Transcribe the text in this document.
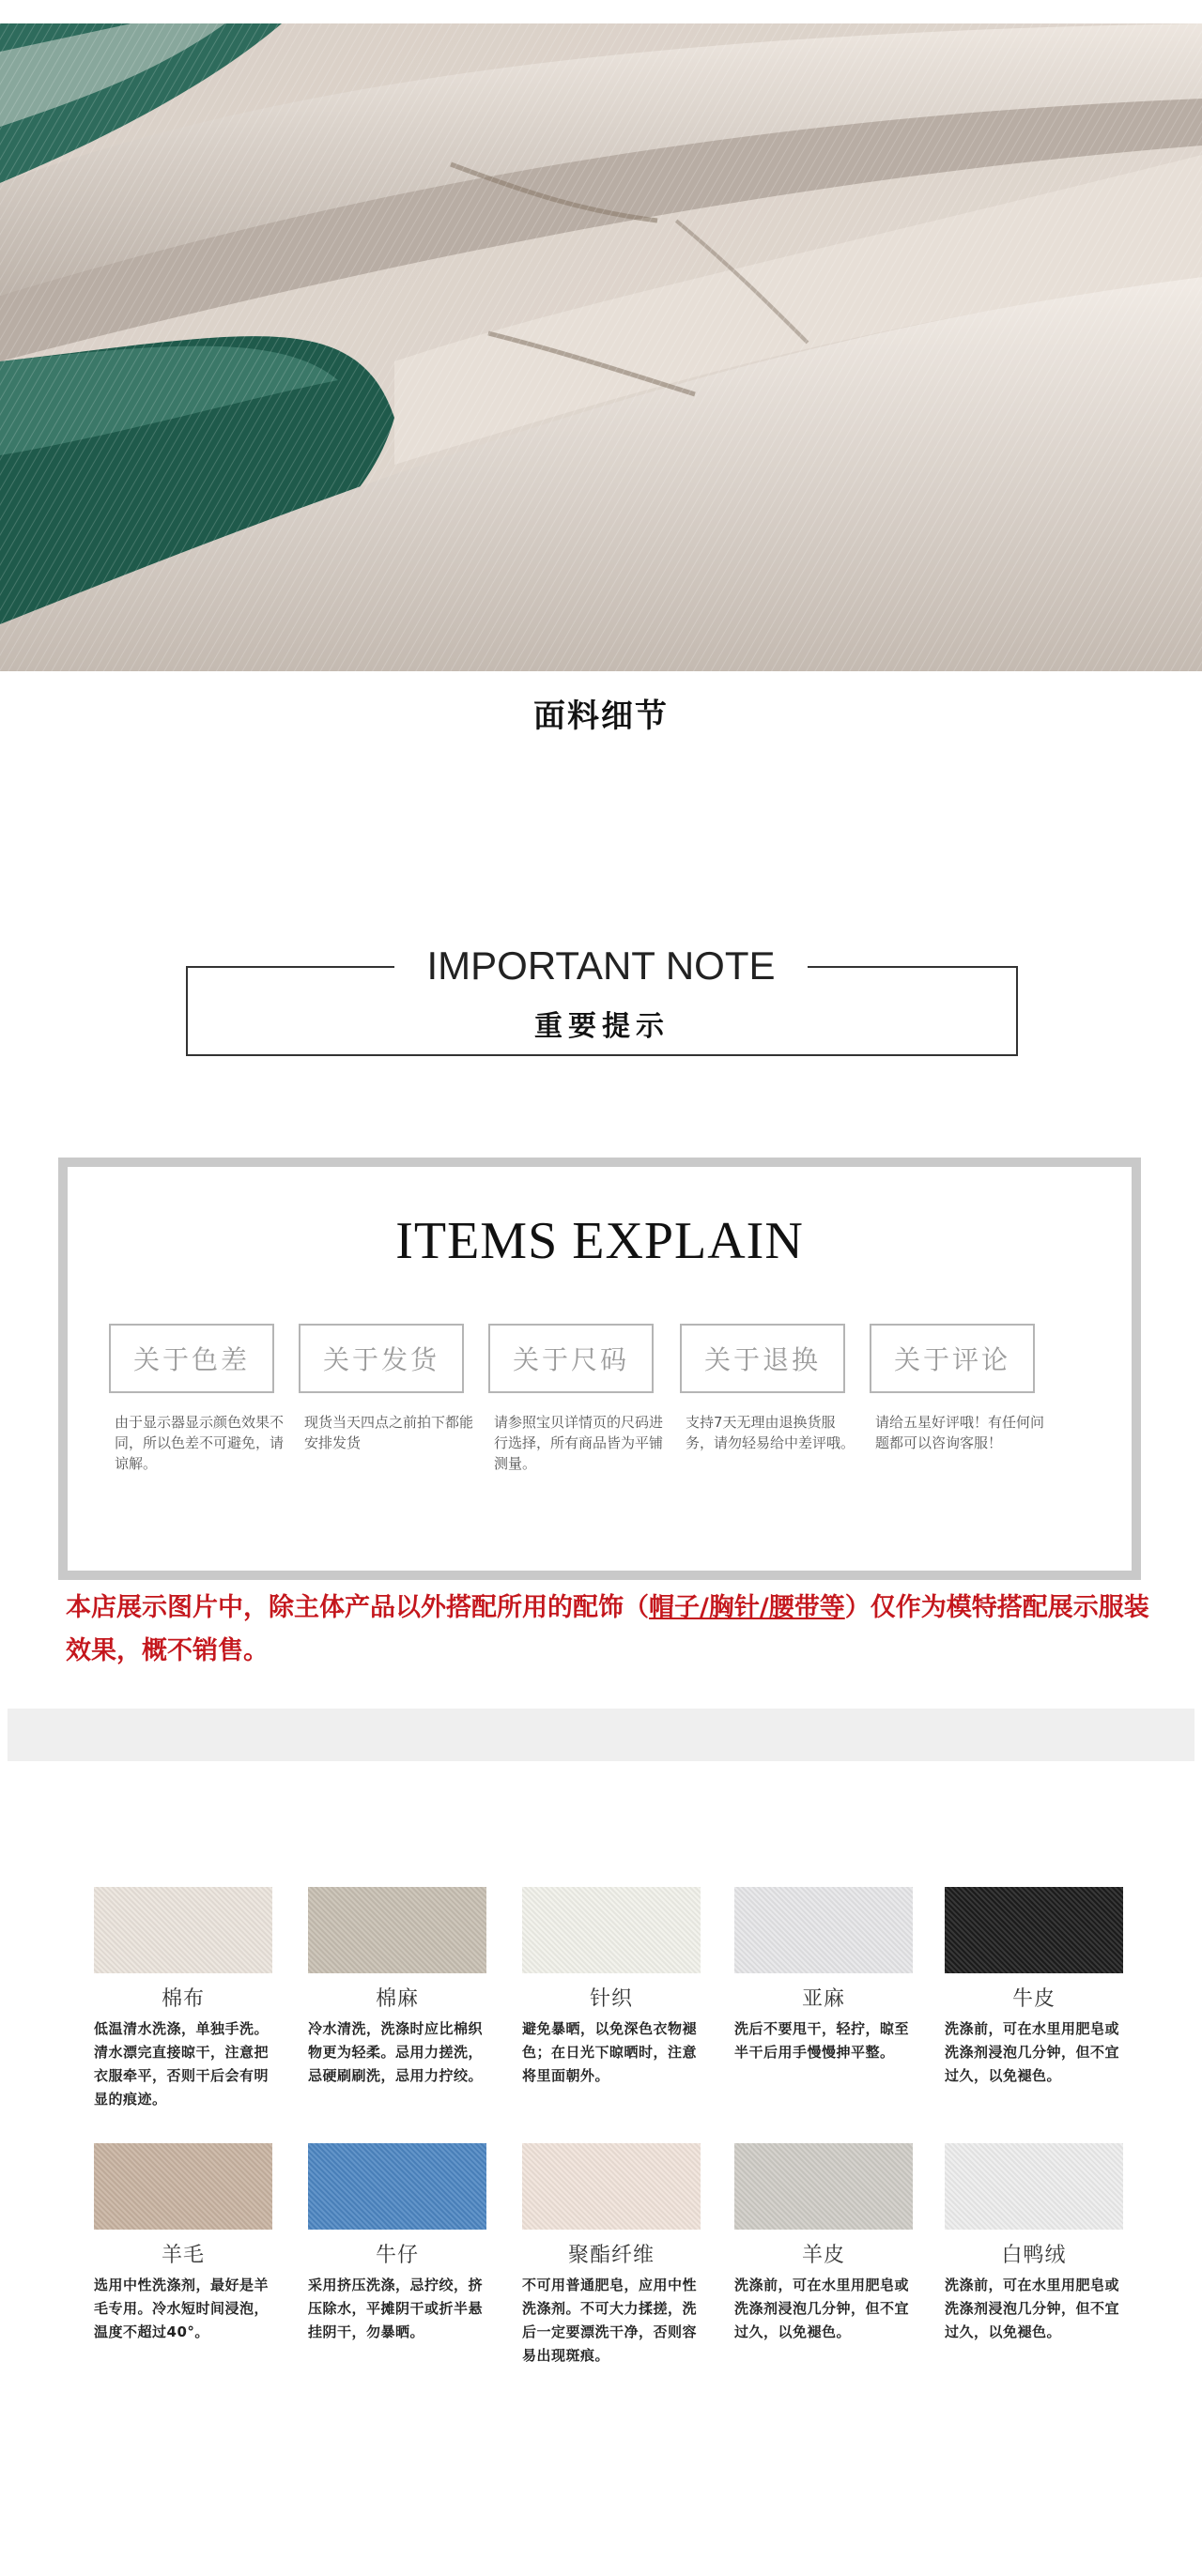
面料细节
IMPORTANT NOTE
重要提示
ITEMS EXPLAIN
关于色差
由于显示器显示颜色效果不同，所以色差不可避免，请谅解。
关于发货
现货当天四点之前拍下都能安排发货
关于尺码
请参照宝贝详情页的尺码进行选择，所有商品皆为平铺测量。
关于退换
支持7天无理由退换货服务，请勿轻易给中差评哦。
关于评论
请给五星好评哦！有任何问题都可以咨询客服！
本店展示图片中，除主体产品以外搭配所用的配饰（帽子/胸针/腰带等）仅作为模特搭配展示服装效果，概不销售。
棉布
低温清水洗涤，单独手洗。清水漂完直接晾干，注意把衣服牵平，否则干后会有明显的痕迹。
棉麻
冷水清洗，洗涤时应比棉织物更为轻柔。忌用力搓洗，忌硬刷刷洗，忌用力拧绞。
针织
避免暴晒，以免深色衣物褪色；在日光下晾晒时，注意将里面朝外。
亚麻
洗后不要甩干，轻拧，晾至半干后用手慢慢抻平整。
牛皮
洗涤前，可在水里用肥皂或洗涤剂浸泡几分钟，但不宜过久，以免褪色。
羊毛
选用中性洗涤剂，最好是羊毛专用。冷水短时间浸泡，温度不超过40°。
牛仔
采用挤压洗涤，忌拧绞，挤压除水，平摊阴干或折半悬挂阴干，勿暴晒。
聚酯纤维
不可用普通肥皂，应用中性洗涤剂。不可大力揉搓，洗后一定要漂洗干净，否则容易出现斑痕。
羊皮
洗涤前，可在水里用肥皂或洗涤剂浸泡几分钟，但不宜过久，以免褪色。
白鸭绒
洗涤前，可在水里用肥皂或洗涤剂浸泡几分钟，但不宜过久，以免褪色。
